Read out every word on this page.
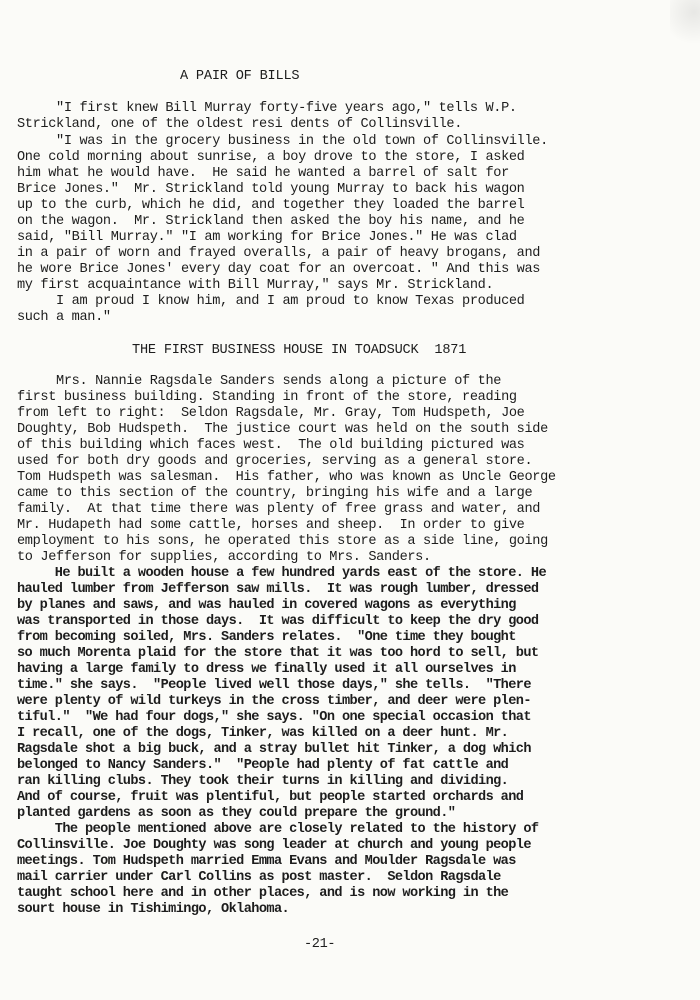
A PAIR OF BILLS
"I first knew Bill Murray forty-five years ago," tells W.P.
Strickland, one of the oldest resi dents of Collinsville.
"I was in the grocery business in the old town of Collinsville.
One cold morning about sunrise, a boy drove to the store, I asked
him what he would have.  He said he wanted a barrel of salt for
Brice Jones."  Mr. Strickland told young Murray to back his wagon
up to the curb, which he did, and together they loaded the barrel
on the wagon.  Mr. Strickland then asked the boy his name, and he
said, "Bill Murray." "I am working for Brice Jones." He was clad
in a pair of worn and frayed overalls, a pair of heavy brogans, and
he wore Brice Jones' every day coat for an overcoat. " And this was
my first acquaintance with Bill Murray," says Mr. Strickland.
I am proud I know him, and I am proud to know Texas produced
such a man."
THE FIRST BUSINESS HOUSE IN TOADSUCK  1871
Mrs. Nannie Ragsdale Sanders sends along a picture of the
first business building. Standing in front of the store, reading
from left to right:  Seldon Ragsdale, Mr. Gray, Tom Hudspeth, Joe
Doughty, Bob Hudspeth.  The justice court was held on the south side
of this building which faces west.  The old building pictured was
used for both dry goods and groceries, serving as a general store.
Tom Hudspeth was salesman.  His father, who was known as Uncle George
came to this section of the country, bringing his wife and a large
family.  At that time there was plenty of free grass and water, and
Mr. Hudapeth had some cattle, horses and sheep.  In order to give
employment to his sons, he operated this store as a side line, going
to Jefferson for supplies, according to Mrs. Sanders.
He built a wooden house a few hundred yards east of the store. He
hauled lumber from Jefferson saw mills.  It was rough lumber, dressed
by planes and saws, and was hauled in covered wagons as everything
was transported in those days.  It was difficult to keep the dry good
from becoming soiled, Mrs. Sanders relates.  "One time they bought
so much Morenta plaid for the store that it was too hord to sell, but
having a large family to dress we finally used it all ourselves in
time." she says.  "People lived well those days," she tells.  "There
were plenty of wild turkeys in the cross timber, and deer were plen-
tiful."  "We had four dogs," she says. "On one special occasion that
I recall, one of the dogs, Tinker, was killed on a deer hunt. Mr.
Ragsdale shot a big buck, and a stray bullet hit Tinker, a dog which
belonged to Nancy Sanders."  "People had plenty of fat cattle and
ran killing clubs. They took their turns in killing and dividing.
And of course, fruit was plentiful, but people started orchards and
planted gardens as soon as they could prepare the ground."
The people mentioned above are closely related to the history of
Collinsville. Joe Doughty was song leader at church and young people
meetings. Tom Hudspeth married Emma Evans and Moulder Ragsdale was
mail carrier under Carl Collins as post master.  Seldon Ragsdale
taught school here and in other places, and is now working in the
sourt house in Tishimingo, Oklahoma.
-21-
